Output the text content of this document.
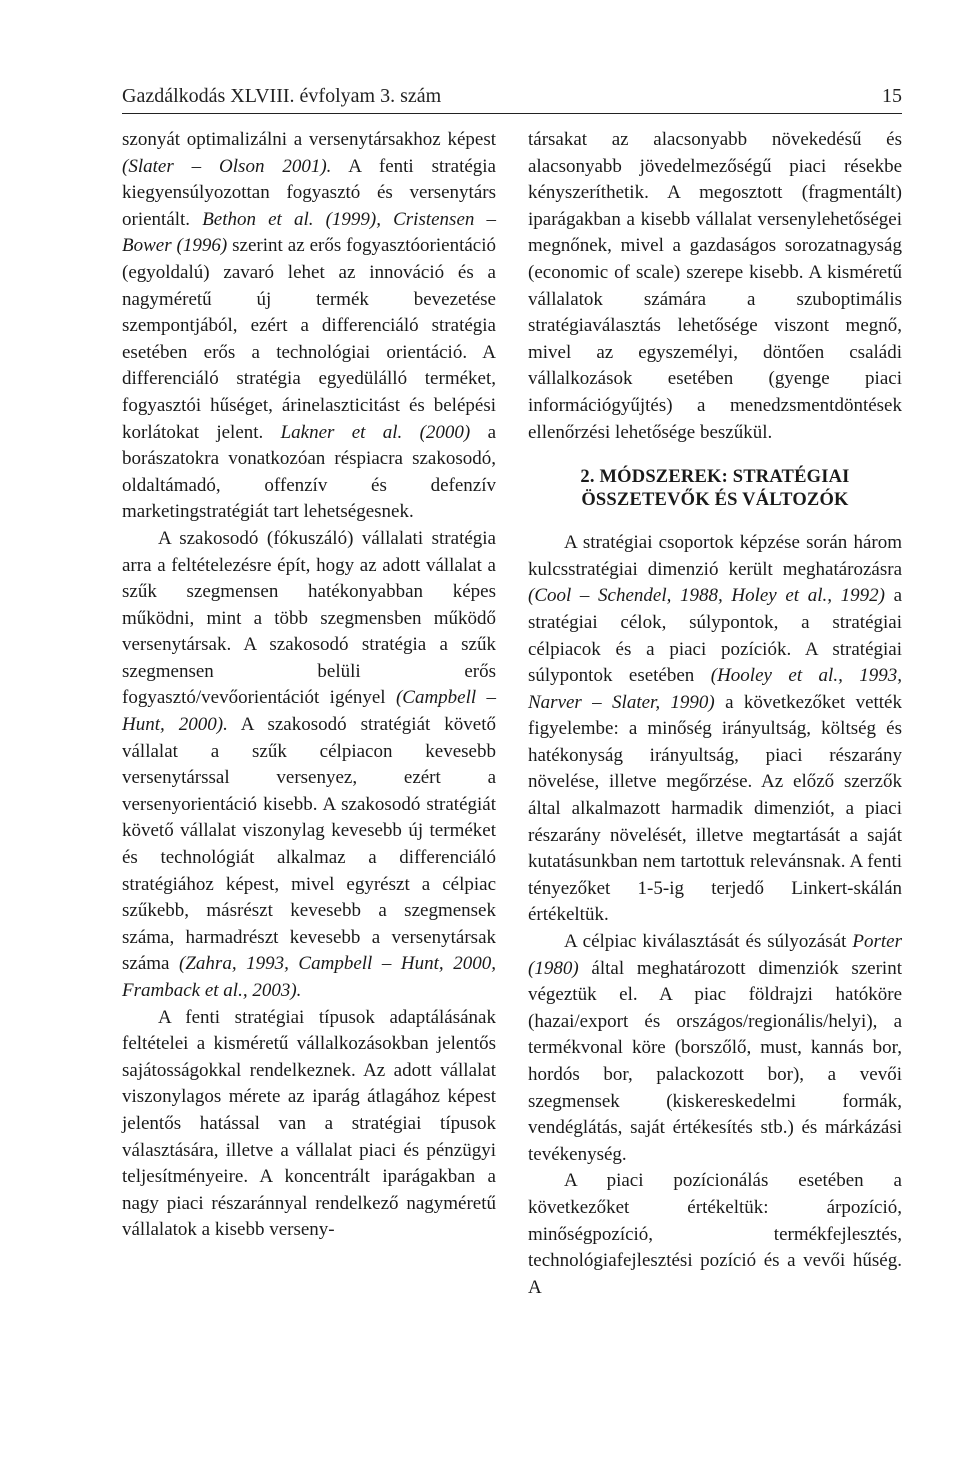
Gazdálkodás XLVIII. évfolyam 3. szám	15

szonyát optimalizálni a versenytársakhoz képest (Slater – Olson 2001). A fenti stratégia kiegyensúlyozottan fogyasztó és versenytárs orientált. Bethon et al. (1999), Cristensen – Bower (1996) szerint az erős fogyasztóorientáció (egyoldalú) zavaró lehet az innováció és a nagyméretű új termék bevezetése szempontjából, ezért a differenciáló stratégia esetében erős a technológiai orientáció. A differenciáló stratégia egyedülálló terméket, fogyasztói hűséget, árinelaszticitást és belépési korlátokat jelent. Lakner et al. (2000) a borászatokra vonatkozóan réspiacra szakosodó, oldaltámadó, offenzív és defenzív marketingstratégiát tart lehetségesnek.

A szakosodó (fókuszáló) vállalati stratégia arra a feltételezésre épít, hogy az adott vállalat a szűk szegmensen hatékonyabban képes működni, mint a több szegmensben működő versenytársak. A szakosodó stratégia a szűk szegmensen belüli erős fogyasztó/vevőorientációt igényel (Campbell – Hunt, 2000). A szakosodó stratégiát követő vállalat a szűk célpiacon kevesebb versenytárssal versenyez, ezért a versenyorientáció kisebb. A szakosodó stratégiát követő vállalat viszonylag kevesebb új terméket és technológiát alkalmaz a differenciáló stratégiához képest, mivel egyrészt a célpiac szűkebb, másrészt kevesebb a szegmensek száma, harmadrészt kevesebb a versenytársak száma (Zahra, 1993, Campbell – Hunt, 2000, Framback et al., 2003).

A fenti stratégiai típusok adaptálásának feltételei a kisméretű vállalkozásokban jelentős sajátosságokkal rendelkeznek. Az adott vállalat viszonylagos mérete az iparág átlagához képest jelentős hatással van a stratégiai típusok választására, illetve a vállalat piaci és pénzügyi teljesítményeire. A koncentrált iparágakban a nagy piaci részaránnyal rendelkező nagyméretű vállalatok a kisebb verseny-

társakat az alacsonyabb növekedésű és alacsonyabb jövedelmezőségű piaci résekbe kényszeríthetik. A megosztott (fragmentált) iparágakban a kisebb vállalat versenylehetőségei megnőnek, mivel a gazdaságos sorozatnagyság (economic of scale) szerepe kisebb. A kisméretű vállalatok számára a szuboptimális stratégiaválasztás lehetősége viszont megnő, mivel az egyszemélyi, döntően családi vállalkozások esetében (gyenge piaci információgyűjtés) a menedzsmentdöntések ellenőrzési lehetősége beszűkül.

2. MÓDSZEREK: STRATÉGIAI ÖSSZETEVŐK ÉS VÁLTOZÓK

A stratégiai csoportok képzése során három kulcsstratégiai dimenzió került meghatározásra (Cool – Schendel, 1988, Holey et al., 1992) a stratégiai célok, súlypontok, a stratégiai célpiacok és a piaci pozíciók. A stratégiai súlypontok esetében (Hooley et al., 1993, Narver – Slater, 1990) a következőket vették figyelembe: a minőség irányultság, költség és hatékonyság irányultság, piaci részarány növelése, illetve megőrzése. Az előző szerzők által alkalmazott harmadik dimenziót, a piaci részarány növelését, illetve megtartását a saját kutatásunkban nem tartottuk relevánsnak. A fenti tényezőket 1-5-ig terjedő Linkert-skálán értékeltük.

A célpiac kiválasztását és súlyozását Porter (1980) által meghatározott dimenziók szerint végeztük el. A piac földrajzi hatóköre (hazai/export és országos/regionális/helyi), a termékvonal köre (borszőlő, must, kannás bor, hordós bor, palackozott bor), a vevői szegmensek (kiskereskedelmi formák, vendéglátás, saját értékesítés stb.) és márkázási tevékenység.

A piaci pozícionálás esetében a következőket értékeltük: árpozíció, minőségpozíció, termékfejlesztés, technológiafejlesztési pozíció és a vevői hűség. A
